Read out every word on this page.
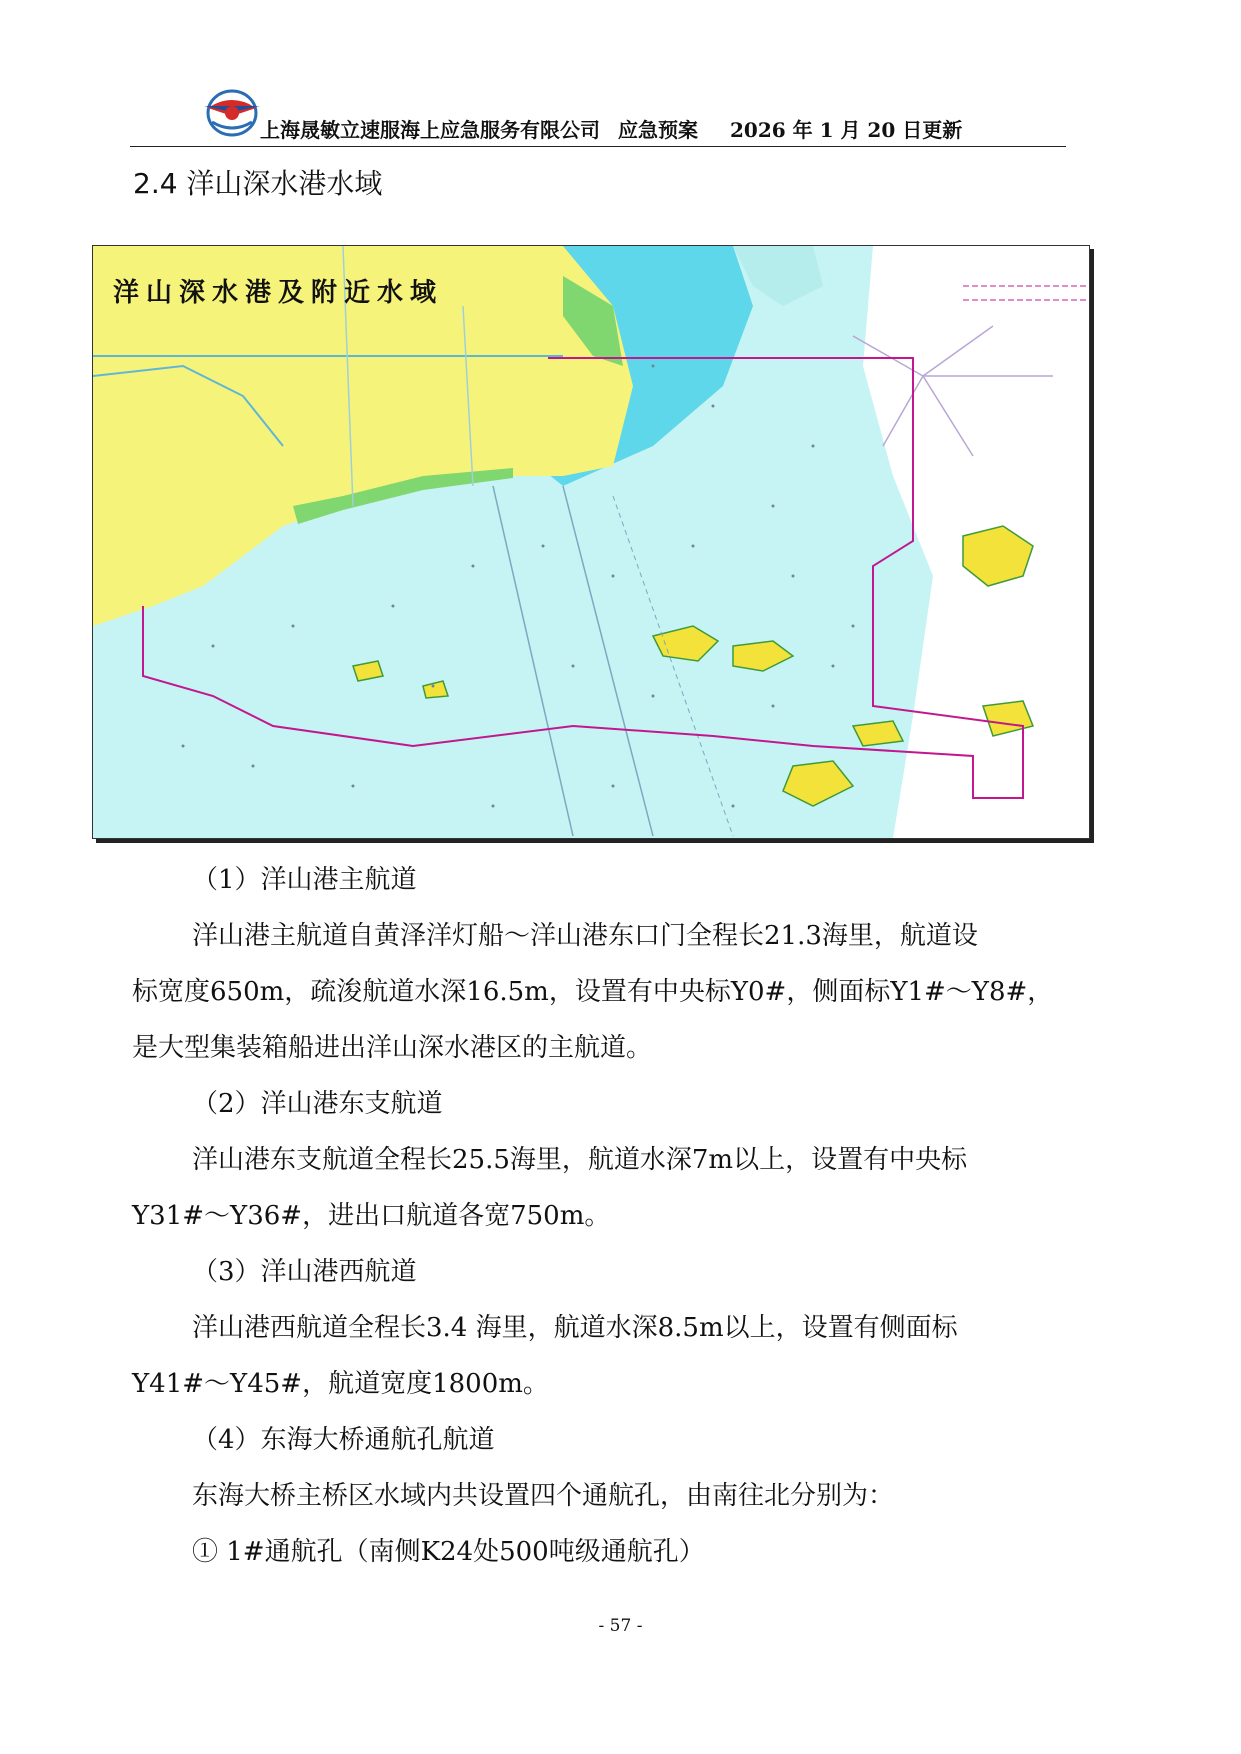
上海晟敏立速服海上应急服务有限公司 应急预案 2026 年 1 月 20 日更新
2.4 洋山深水港水域
洋山深水港及附近水域
（1）洋山港主航道
洋山港主航道自黄泽洋灯船～洋山港东口门全程长21.3海里，航道设
标宽度650m，疏浚航道水深16.5m，设置有中央标Y0#，侧面标Y1#～Y8#，
是大型集装箱船进出洋山深水港区的主航道。
（2）洋山港东支航道
洋山港东支航道全程长25.5海里，航道水深7m以上，设置有中央标
Y31#～Y36#，进出口航道各宽750m。
（3）洋山港西航道
洋山港西航道全程长3.4 海里，航道水深8.5m以上，设置有侧面标
Y41#～Y45#，航道宽度1800m。
（4）东海大桥通航孔航道
东海大桥主桥区水域内共设置四个通航孔，由南往北分别为：
① 1#通航孔（南侧K24处500吨级通航孔）
- 57 -
